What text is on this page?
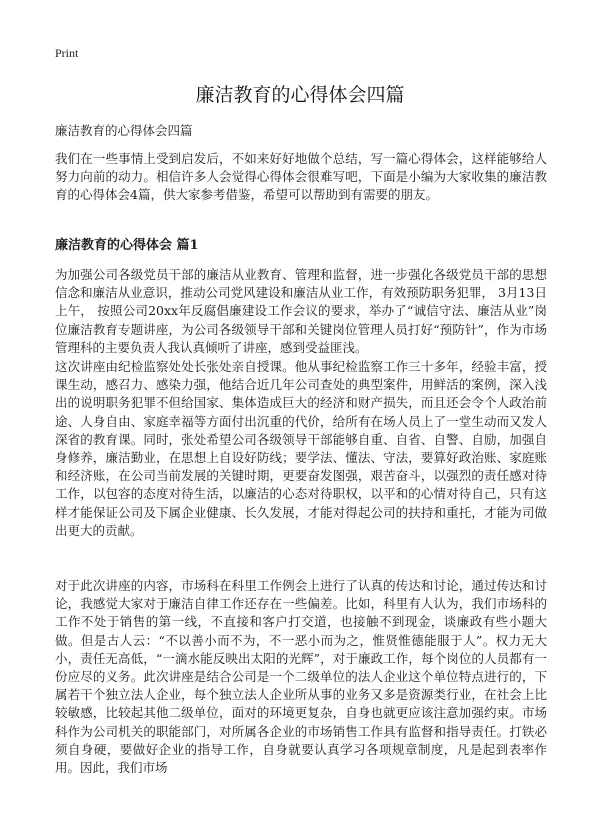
Print
廉洁教育的心得体会四篇

廉洁教育的心得体会四篇

我们在一些事情上受到启发后，不如来好好地做个总结，写一篇心得体会，这样能够给人努力向前的动力。相信许多人会觉得心得体会很难写吧，下面是小编为大家收集的廉洁教育的心得体会4篇，供大家参考借鉴，希望可以帮助到有需要的朋友。

廉洁教育的心得体会 篇1

为加强公司各级党员干部的廉洁从业教育、管理和监督，进一步强化各级党员干部的思想信念和廉洁从业意识，推动公司党风建设和廉洁从业工作，有效预防职务犯罪， 3月13日上午， 按照公司20xx年反腐倡廉建设工作会议的要求，举办了“诚信守法、廉洁从业”岗位廉洁教育专题讲座，为公司各级领导干部和关键岗位管理人员打好“预防针”，作为市场管理科的主要负责人我认真倾听了讲座，感到受益匪浅。

这次讲座由纪检监察处处长张处亲自授课。他从事纪检监察工作三十多年，经验丰富，授课生动，感召力、感染力强，他结合近几年公司查处的典型案件，用鲜活的案例，深入浅出的说明职务犯罪不但给国家、集体造成巨大的经济和财产损失，而且还会令个人政治前途、人身自由、家庭幸福等方面付出沉重的代价，给所有在场人员上了一堂生动而又发人深省的教育课。同时，张处希望公司各级领导干部能够自重、自省、自警、自励，加强自身修养，廉洁勤业，在思想上自设好防线；要学法、懂法、守法，要算好政治账、家庭账和经济账，在公司当前发展的关键时期，更要奋发图强，艰苦奋斗，以强烈的责任感对待工作，以包容的态度对待生活，以廉洁的心态对待职权，以平和的心情对待自己，只有这样才能保证公司及下属企业健康、长久发展，才能对得起公司的扶持和重托，才能为司做出更大的贡献。

对于此次讲座的内容，市场科在科里工作例会上进行了认真的传达和讨论，通过传达和讨论，我感觉大家对于廉洁自律工作还存在一些偏差。比如，科里有人认为，我们市场科的工作不处于销售的第一线，不直接和客户打交道，也接触不到现金，谈廉政有些小题大做。但是古人云：“不以善小而不为，不一恶小而为之，惟贤惟德能服于人”。权力无大小，责任无高低，“一滴水能反映出太阳的光辉”，对于廉政工作，每个岗位的人员都有一份应尽的义务。此次讲座是结合公司是一个二级单位的法人企业这个单位特点进行的，下属若干个独立法人企业，每个独立法人企业所从事的业务又多是资源类行业，在社会上比较敏感，比较起其他二级单位，面对的环境更复杂，自身也就更应该注意加强约束。市场科作为公司机关的职能部门，对所属各企业的市场销售工作具有监督和指导责任。打铁必须自身硬，要做好企业的指导工作，自身就要认真学习各项规章制度，凡是起到表率作用。因此，我们市场
